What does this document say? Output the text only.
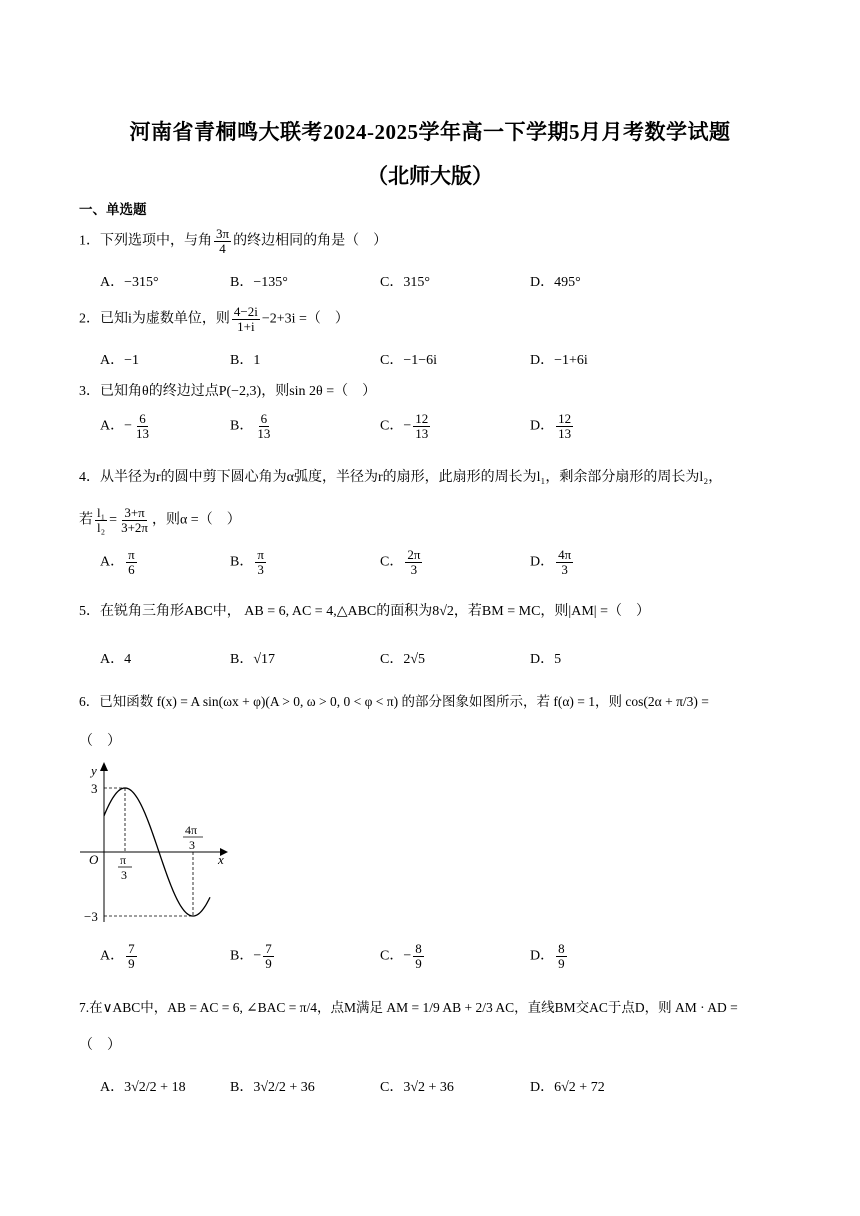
河南省青桐鸣大联考2024-2025学年高一下学期5月月考数学试题
（北师大版）
一、单选题
1．下列选项中，与角 $\frac{3\pi}{4}$ 的终边相同的角是（　）
A．−315°	B．−135°	C．315°	D．495°
2．已知i为虚数单位，则 $\frac{4-2i}{1+i} -2+3i$ =（　）
A．−1	B．1	C．−1−6i	D．−1+6i
3．已知角θ的终边过点P(−2,3)，则sin 2θ =（　）
A．− $\frac{6}{13}$	B． $\frac{6}{13}$	C．− $\frac{12}{13}$	D． $\frac{12}{13}$
4．从半径为r的圆中剪下圆心角为α弧度，半径为r的扇形，此扇形的周长为l₁，剩余部分扇形的周长为l₂，
若 $\frac{\text{l₁}}{\text{l₂}} = \frac{3+\pi}{3+2\pi}$ ，则α =（　）
A． $\frac{\pi}{6}$	B． $\frac{\pi}{3}$	C． $\frac{2\pi}{3}$	D． $\frac{4\pi}{3}$
5．在锐角三角形ABC中， AB = 6, AC = 4,△ABC的面积为8√2，若BM = MC，则|AM| =（　）
A．4	B．√17	C．2√5	D．5
6．已知函数 f(x) = A sin(ωx + φ)(A > 0, ω > 0, 0 < φ < π) 的部分图象如图所示，若 f(α) = 1，则 cos(2α + π/3) =
（　）
y
x
O
3
−3
π
3
4π
3
A． $\frac{7}{9}$	B．− $\frac{7}{9}$	C．− $\frac{8}{9}$	D． $\frac{8}{9}$
7.在∨ABC中，AB = AC = 6, ∠BAC = π/4，点M满足 AM = 1/9 AB + 2/3 AC，直线BM交AC于点D，则 AM · AD =
（　）
A．3√2/2 + 18	B．3√2/2 + 36	C．3√2 + 36	D．6√2 + 72
